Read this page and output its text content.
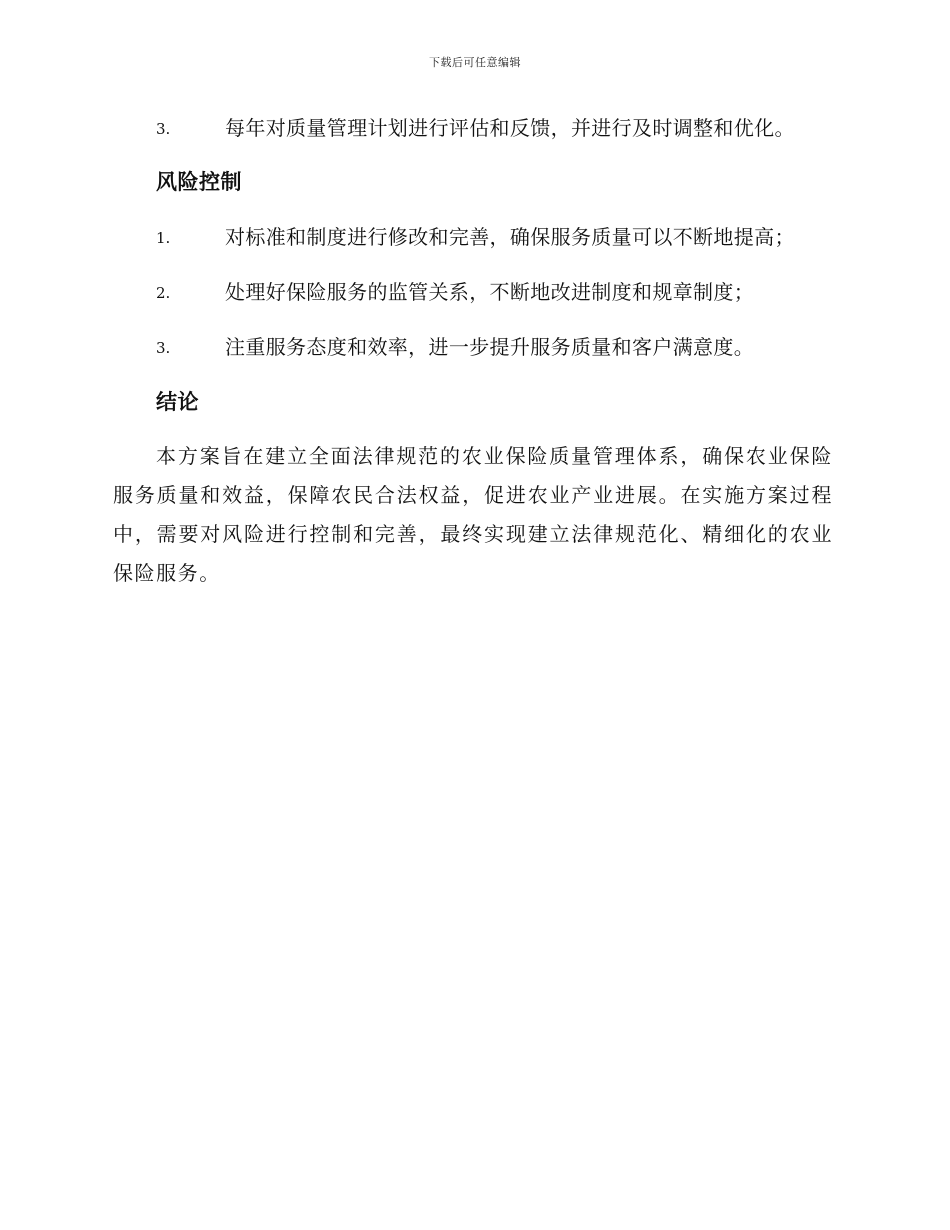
下载后可任意编辑
3.	每年对质量管理计划进行评估和反馈，并进行及时调整和优化。
风险控制
1.	对标准和制度进行修改和完善，确保服务质量可以不断地提高；
2.	处理好保险服务的监管关系，不断地改进制度和规章制度；
3.	注重服务态度和效率，进一步提升服务质量和客户满意度。
结论
本方案旨在建立全面法律规范的农业保险质量管理体系，确保农业保险服务质量和效益，保障农民合法权益，促进农业产业进展。在实施方案过程中，需要对风险进行控制和完善，最终实现建立法律规范化、精细化的农业保险服务。
